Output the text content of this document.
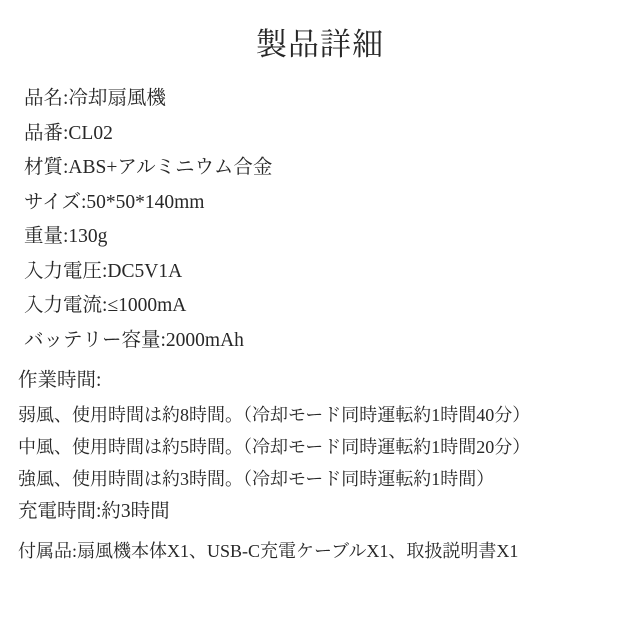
製品詳細
品名:冷却扇風機
品番:CL02
材質:ABS+アルミニウム合金
サイズ:50*50*140mm
重量:130g
入力電圧:DC5V1A
入力電流:≤1000mA
バッテリー容量:2000mAh
作業時間:
弱風、使用時間は約8時間。（冷却モード同時運転約1時間40分）
中風、使用時間は約5時間。（冷却モード同時運転約1時間20分）
強風、使用時間は約3時間。（冷却モード同時運転約1時間）
充電時間:約3時間
付属品:扇風機本体X1、USB-C充電ケーブルX1、取扱説明書X1
